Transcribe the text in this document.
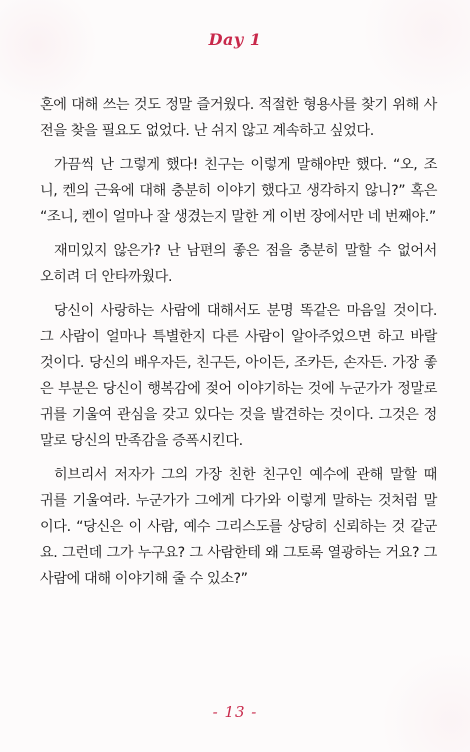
Day 1

혼에 대해 쓰는 것도 정말 즐거웠다. 적절한 형용사를 찾기 위해 사
전을 찾을 필요도 없었다. 난 쉬지 않고 계속하고 싶었다.

가끔씩 난 그렇게 했다! 친구는 이렇게 말해야만 했다. “오, 조
니, 켄의 근육에 대해 충분히 이야기 했다고 생각하지 않니?” 혹은
“조니, 켄이 얼마나 잘 생겼는지 말한 게 이번 장에서만 네 번째야.”

재미있지 않은가? 난 남편의 좋은 점을 충분히 말할 수 없어서
오히려 더 안타까웠다.

당신이 사랑하는 사람에 대해서도 분명 똑같은 마음일 것이다.
그 사람이 얼마나 특별한지 다른 사람이 알아주었으면 하고 바랄
것이다. 당신의 배우자든, 친구든, 아이든, 조카든, 손자든. 가장 좋
은 부분은 당신이 행복감에 젖어 이야기하는 것에 누군가가 정말로
귀를 기울여 관심을 갖고 있다는 것을 발견하는 것이다. 그것은 정
말로 당신의 만족감을 증폭시킨다.

히브리서 저자가 그의 가장 친한 친구인 예수에 관해 말할 때
귀를 기울여라. 누군가가 그에게 다가와 이렇게 말하는 것처럼 말
이다. “당신은 이 사람, 예수 그리스도를 상당히 신뢰하는 것 같군
요. 그런데 그가 누구요? 그 사람한테 왜 그토록 열광하는 거요? 그
사람에 대해 이야기해 줄 수 있소?”

- 13 -
